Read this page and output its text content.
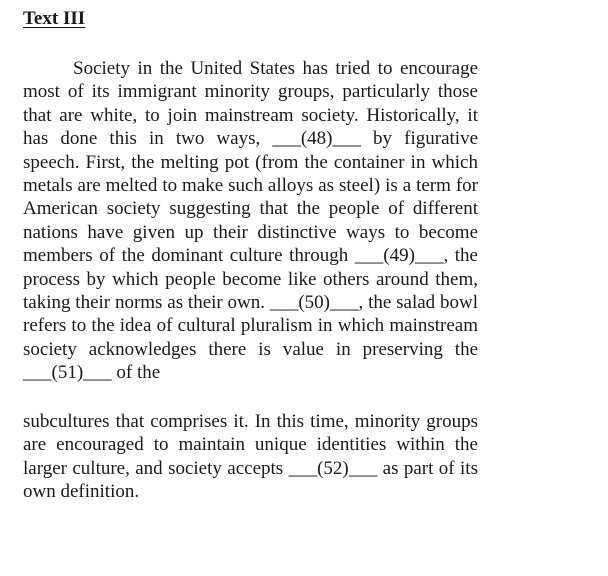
Text III

Society in the United States has tried to encourage most of its immigrant minority groups, particularly those that are white, to join mainstream society. Historically, it has done this in two ways, ___(48)___ by figurative speech. First, the melting pot (from the container in which metals are melted to make such alloys as steel) is a term for American society suggesting that the people of different nations have given up their distinctive ways to become members of the dominant culture through ___(49)___, the process by which people become like others around them, taking their norms as their own. ___(50)___, the salad bowl refers to the idea of cultural pluralism in which mainstream society acknowledges there is value in preserving the ___(51)___ of the

subcultures that comprises it. In this time, minority groups are encouraged to maintain unique identities within the larger culture, and society accepts ___(52)___ as part of its own definition.
